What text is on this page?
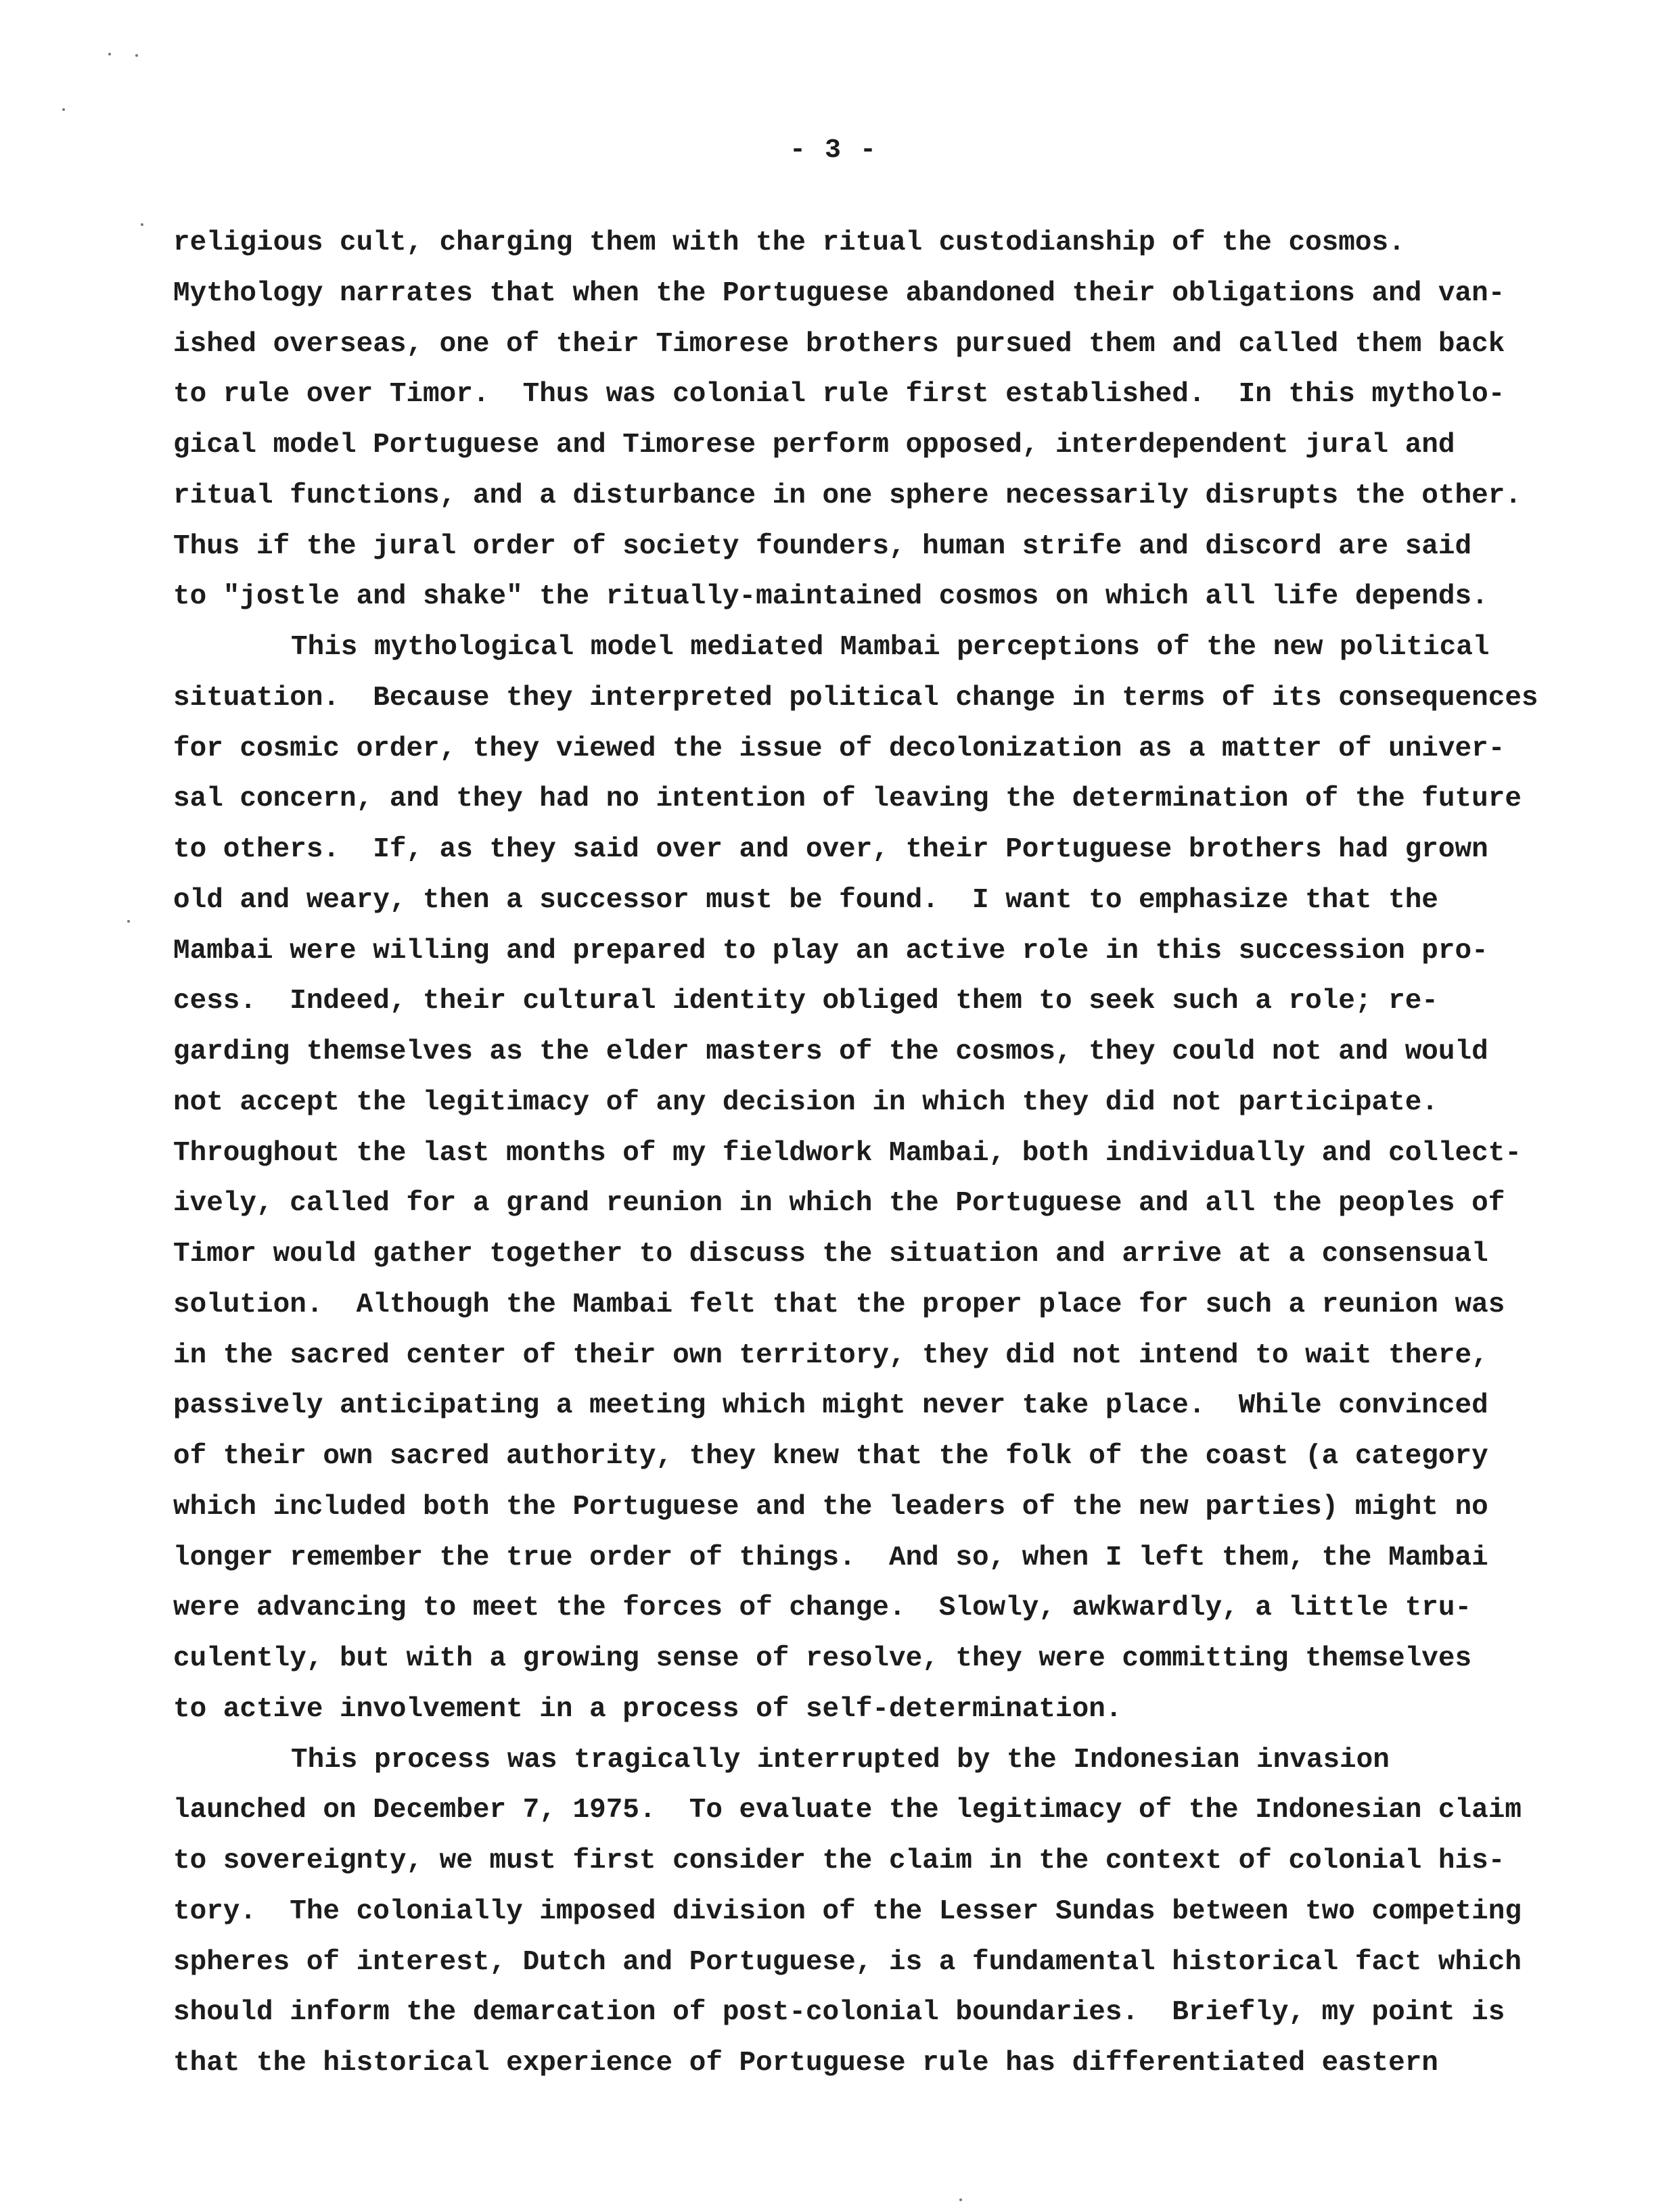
- 3 -
religious cult, charging them with the ritual custodianship of the cosmos.
Mythology narrates that when the Portuguese abandoned their obligations and van-
ished overseas, one of their Timorese brothers pursued them and called them back
to rule over Timor.  Thus was colonial rule first established.  In this mytholo-
gical model Portuguese and Timorese perform opposed, interdependent jural and
ritual functions, and a disturbance in one sphere necessarily disrupts the other.
Thus if the jural order of society founders, human strife and discord are said
to "jostle and shake" the ritually-maintained cosmos on which all life depends.
This mythological model mediated Mambai perceptions of the new political
situation.  Because they interpreted political change in terms of its consequences
for cosmic order, they viewed the issue of decolonization as a matter of univer-
sal concern, and they had no intention of leaving the determination of the future
to others.  If, as they said over and over, their Portuguese brothers had grown
old and weary, then a successor must be found.  I want to emphasize that the
Mambai were willing and prepared to play an active role in this succession pro-
cess.  Indeed, their cultural identity obliged them to seek such a role; re-
garding themselves as the elder masters of the cosmos, they could not and would
not accept the legitimacy of any decision in which they did not participate.
Throughout the last months of my fieldwork Mambai, both individually and collect-
ively, called for a grand reunion in which the Portuguese and all the peoples of
Timor would gather together to discuss the situation and arrive at a consensual
solution.  Although the Mambai felt that the proper place for such a reunion was
in the sacred center of their own territory, they did not intend to wait there,
passively anticipating a meeting which might never take place.  While convinced
of their own sacred authority, they knew that the folk of the coast (a category
which included both the Portuguese and the leaders of the new parties) might no
longer remember the true order of things.  And so, when I left them, the Mambai
were advancing to meet the forces of change.  Slowly, awkwardly, a little tru-
culently, but with a growing sense of resolve, they were committing themselves
to active involvement in a process of self-determination.
This process was tragically interrupted by the Indonesian invasion
launched on December 7, 1975.  To evaluate the legitimacy of the Indonesian claim
to sovereignty, we must first consider the claim in the context of colonial his-
tory.  The colonially imposed division of the Lesser Sundas between two competing
spheres of interest, Dutch and Portuguese, is a fundamental historical fact which
should inform the demarcation of post-colonial boundaries.  Briefly, my point is
that the historical experience of Portuguese rule has differentiated eastern
